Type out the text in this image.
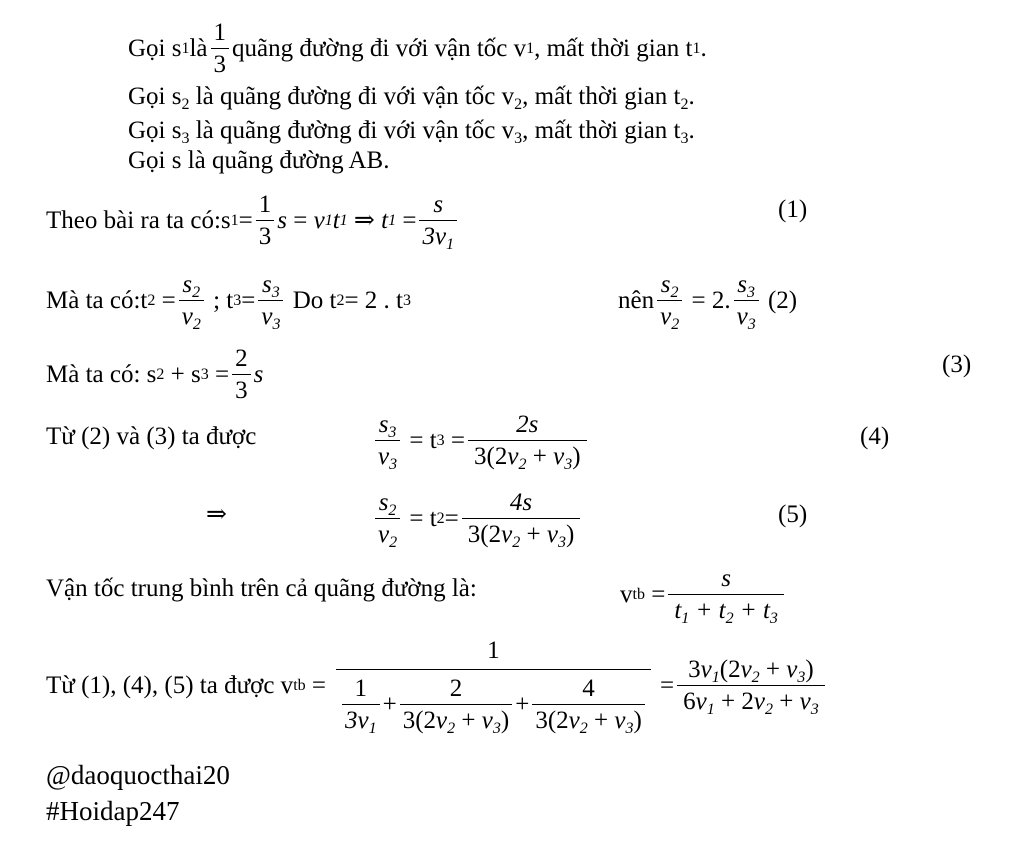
Gọi s 1 là $\frac{1}{3}$ quãng đường đi với vận tốc v 1 , mất thời gian t 1 .
Gọi $s_2$ là quãng đường đi với vận tốc $v_2$, mất thời gian $t_2$.
Gọi $s_3$ là quãng đường đi với vận tốc $v_3$, mất thời gian $t_3$.
Gọi s là quãng đường AB.
Theo bài ra ta có:s $1 = \frac{1}{3}$ s
=
v 1 t 1
⇒
t 1
= $\frac{s}{3v_1}$	(1)
Mà ta có:t 2
= $\frac{s_2}{v_2}$
; t $3 = \frac{s_3}{v_3}$
Do t 2 = 2 . t 3	nên $\frac{s_2}{v_2}$
=
2. $\frac{s_3}{v_3}$
(2)
Mà ta có: s 2
+ s 3
= $\frac{2}{3}$ s	(3)
Từ (2) và (3) ta được	$\frac{s_3}{v_3}$
= t 3
= $\frac{2s}{3(2v_2 + v_3)}$	(4)
⇒	$\frac{s_2}{v_2}$
= t $2 = \frac{4s}{3(2v_2 + v_3)}$	(5)
Vận tốc trung bình trên cả quãng đường là:	v tb
= $\frac{s}{t_1 + t_2 + t_3}$
Từ (1), (4), (5) ta được v tb
=
1
$\frac{1}{3v_1} + \frac{2}{3(2v_2 + v_3)} + \frac{4}{3(2v_2 + v_3)}$
= $\frac{3v_1(2v_2 + v_3)}{6v_1 + 2v_2 + v_3}$
@daoquocthai20
#Hoidap247
